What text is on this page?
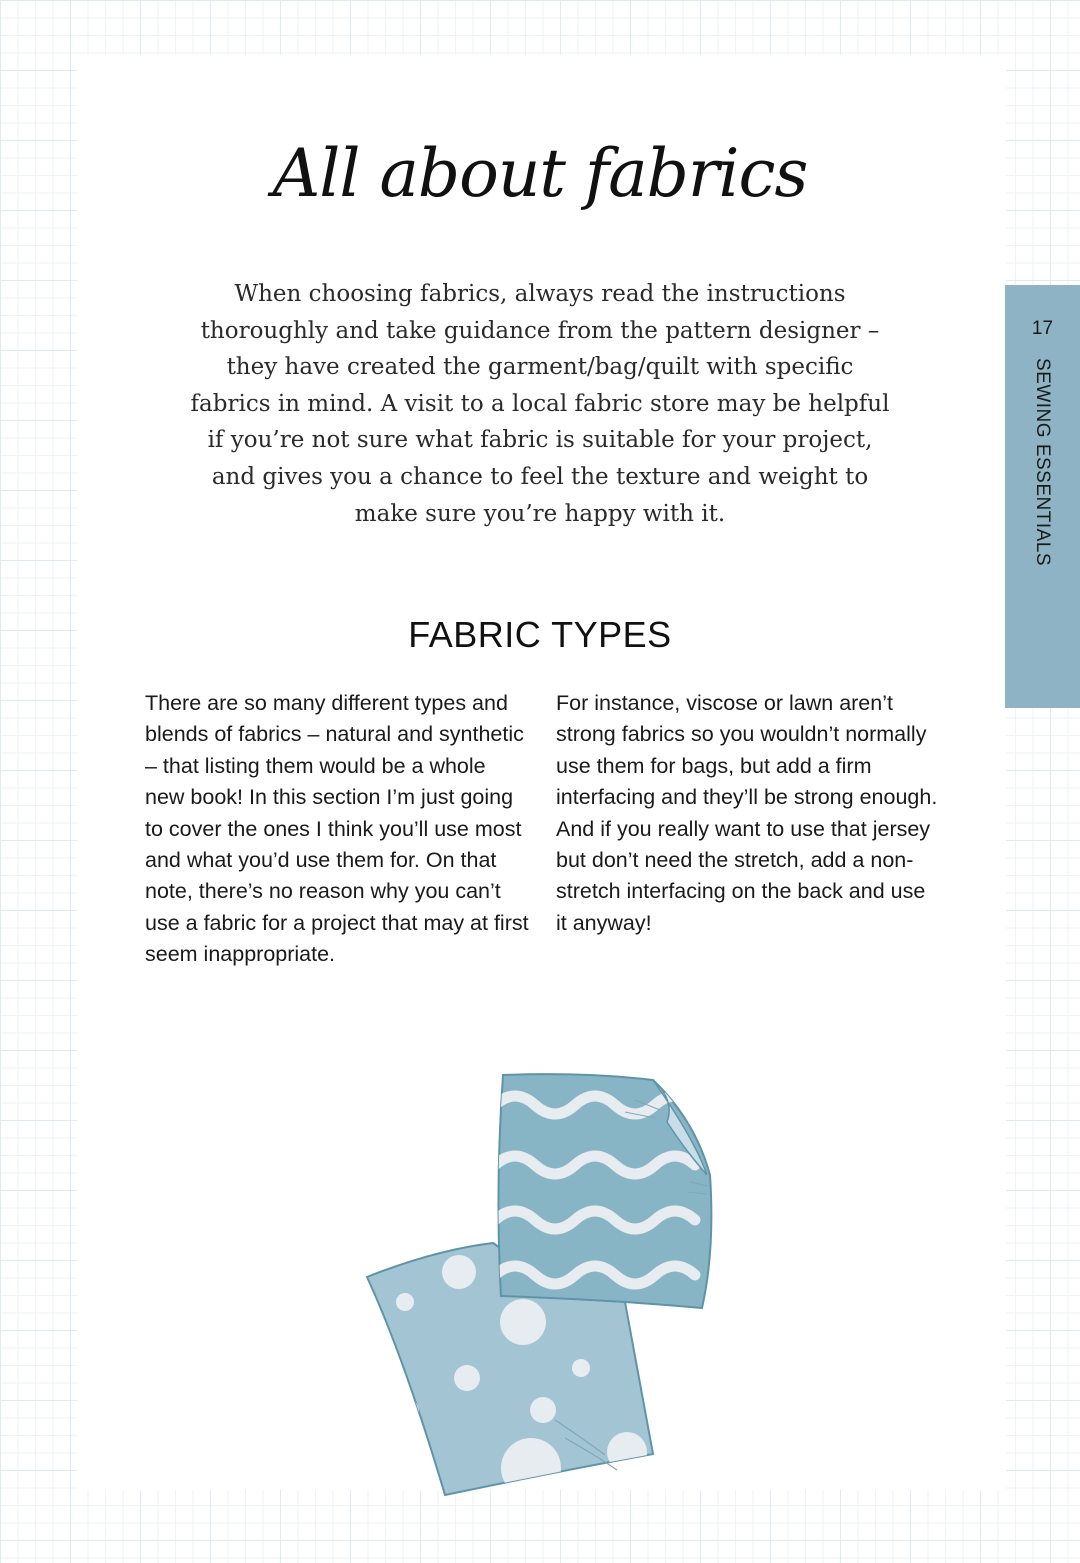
All about fabrics

When choosing fabrics, always read the instructions thoroughly and take guidance from the pattern designer – they have created the garment/bag/quilt with specific fabrics in mind. A visit to a local fabric store may be helpful if you’re not sure what fabric is suitable for your project, and gives you a chance to feel the texture and weight to make sure you’re happy with it.

FABRIC TYPES

There are so many different types and blends of fabrics – natural and synthetic – that listing them would be a whole new book! In this section I’m just going to cover the ones I think you’ll use most and what you’d use them for. On that note, there’s no reason why you can’t use a fabric for a project that may at first seem inappropriate.

For instance, viscose or lawn aren’t strong fabrics so you wouldn’t normally use them for bags, but add a firm interfacing and they’ll be strong enough. And if you really want to use that jersey but don’t need the stretch, add a non-stretch interfacing on the back and use it anyway!

17
SEWING ESSENTIALS
